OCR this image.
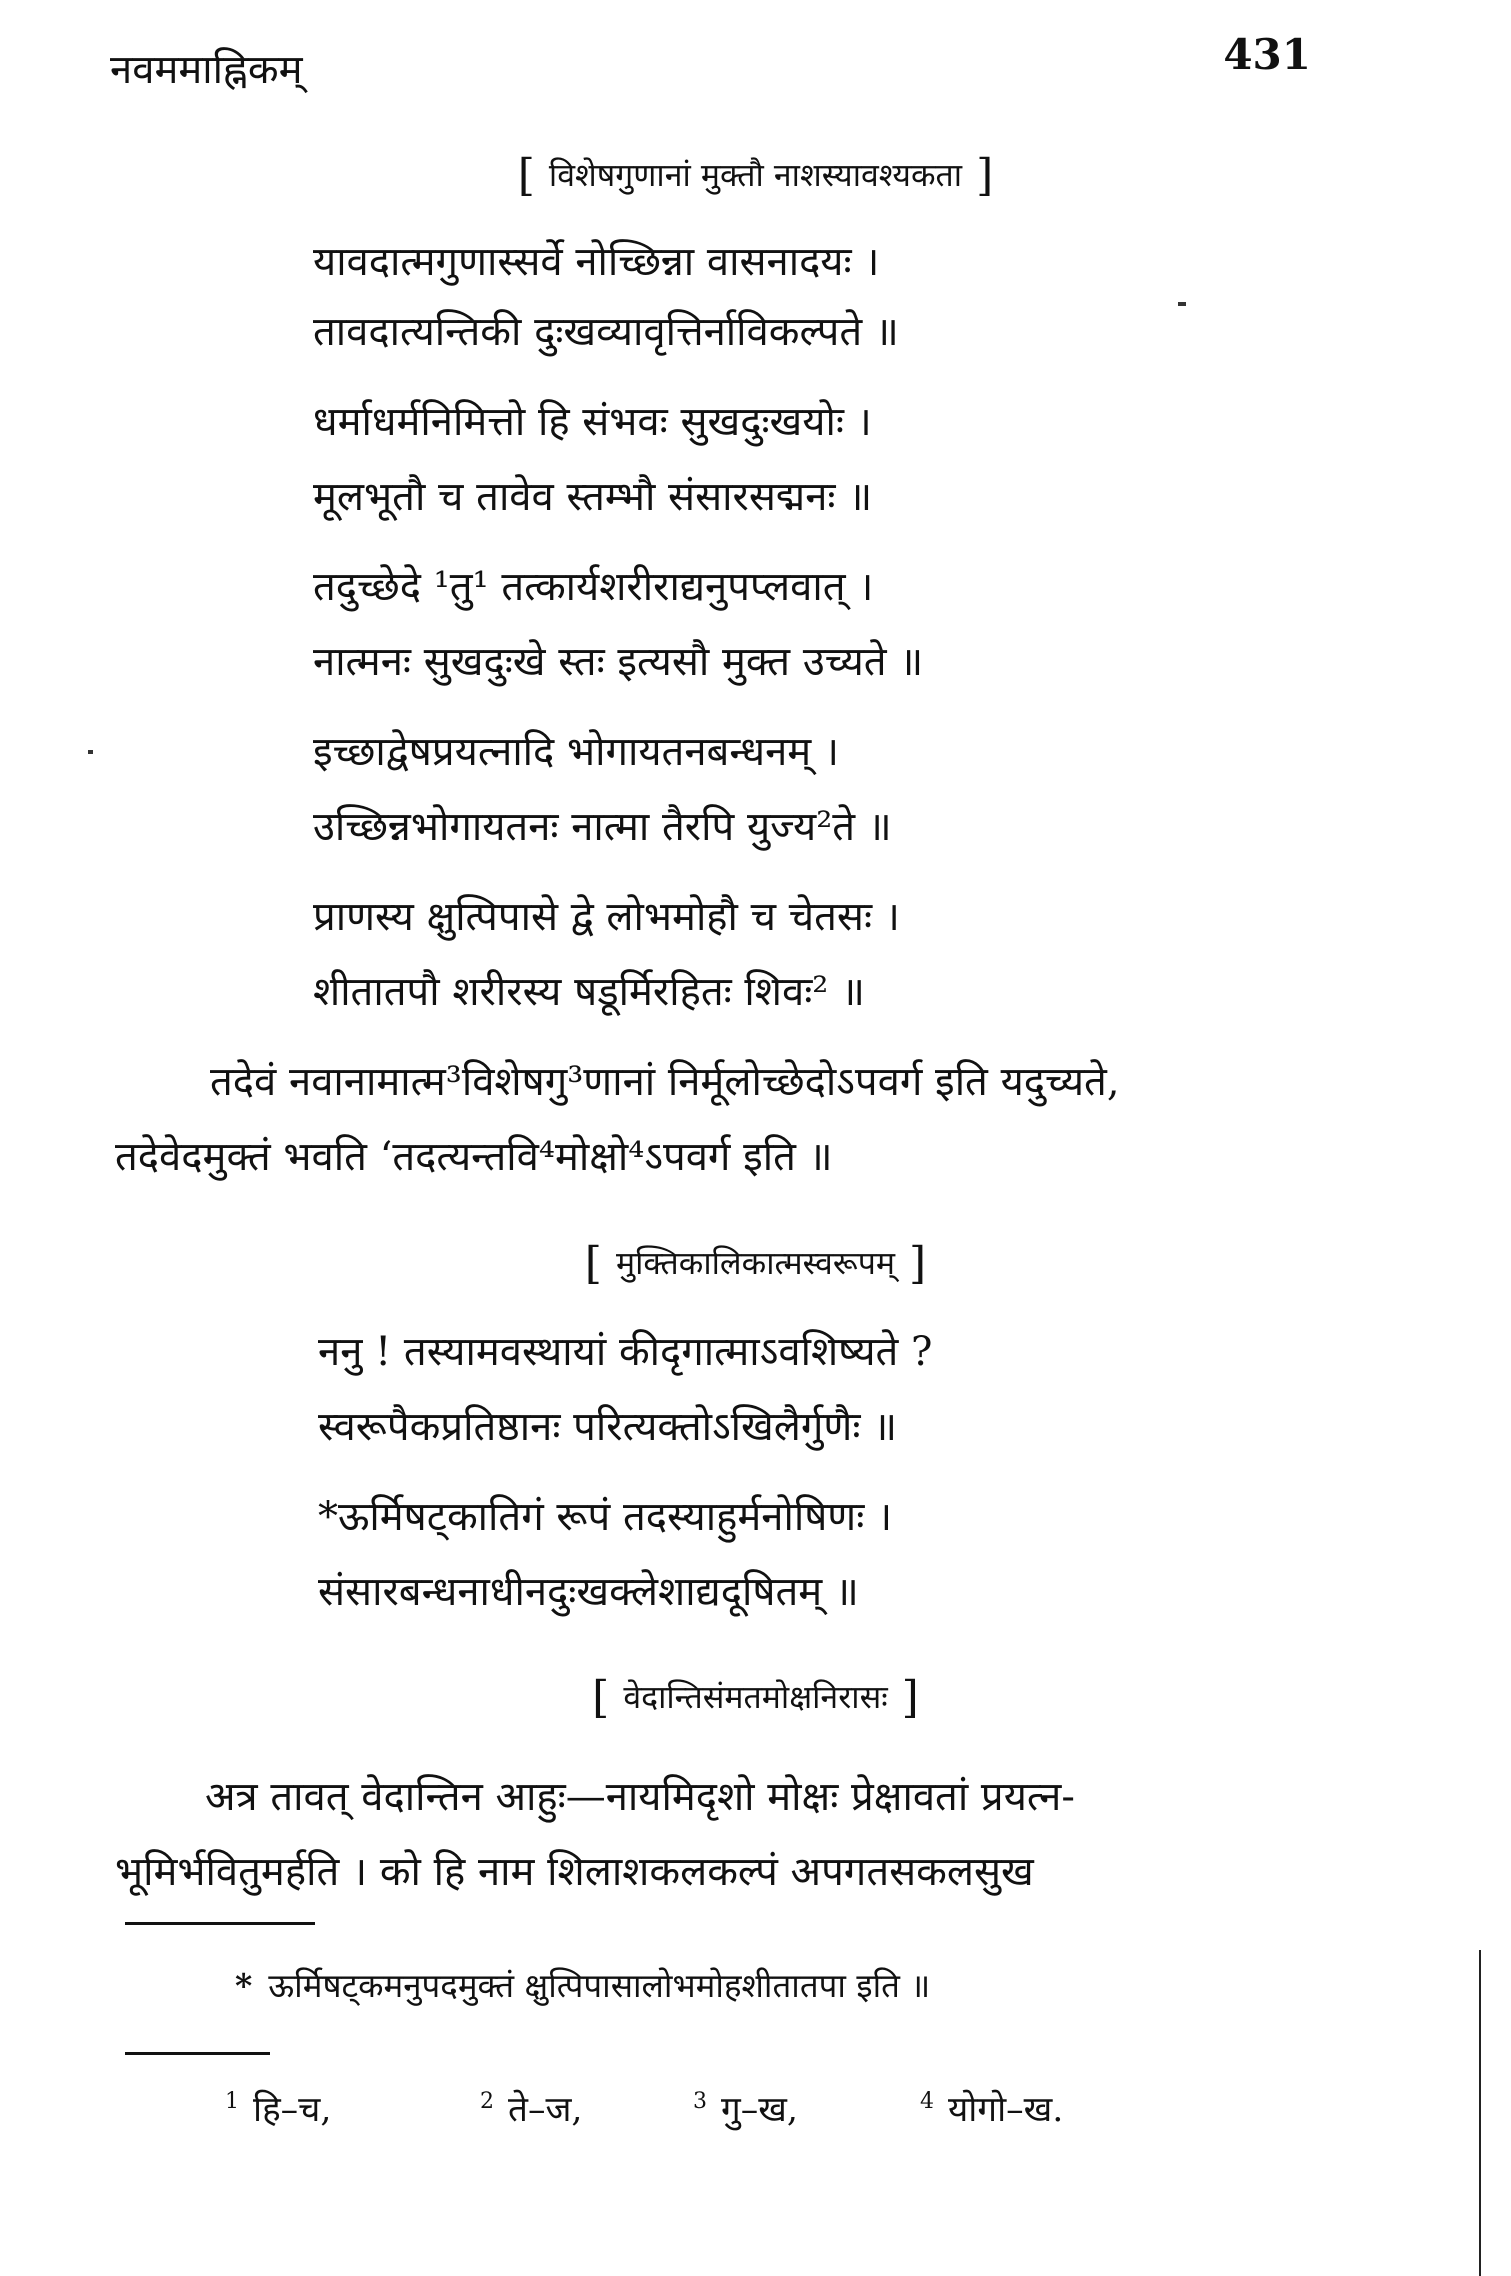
नवममाह्निकम्	431
[ विशेषगुणानां मुक्तौ नाशस्यावश्यकता ]
यावदात्मगुणास्सर्वे नोच्छिन्ना वासनादयः ।
तावदात्यन्तिकी दुःखव्यावृत्तिर्नाविकल्पते ॥
धर्माधर्मनिमित्तो हि संभवः सुखदुःखयोः ।
मूलभूतौ च तावेव स्तम्भौ संसारसद्मनः ॥
तदुच्छेदे ¹तु¹ तत्कार्यशरीराद्यनुपप्लवात् ।
नात्मनः सुखदुःखे स्तः इत्यसौ मुक्त उच्यते ॥
इच्छाद्वेषप्रयत्नादि भोगायतनबन्धनम् ।
उच्छिन्नभोगायतनः नात्मा तैरपि युज्य²ते ॥
प्राणस्य क्षुत्पिपासे द्वे लोभमोहौ च चेतसः ।
शीतातपौ शरीरस्य षडूर्मिरहितः शिवः² ॥
तदेवं नवानामात्म³विशेषगु³णानां निर्मूलोच्छेदोऽपवर्ग इति यदुच्यते,
तदेवेदमुक्तं भवति ‘तदत्यन्तवि⁴मोक्षो⁴ऽपवर्ग इति ॥
[ मुक्तिकालिकात्मस्वरूपम् ]
ननु ! तस्यामवस्थायां कीदृगात्माऽवशिष्यते ?
स्वरूपैकप्रतिष्ठानः परित्यक्तोऽखिलैर्गुणैः ॥
*ऊर्मिषट्कातिगं रूपं तदस्याहुर्मनोषिणः ।
संसारबन्धनाधीनदुःखक्लेशाद्यदूषितम् ॥
[ वेदान्तिसंमतमोक्षनिरासः ]
अत्र तावत् वेदान्तिन आहुः—नायमिदृशो मोक्षः प्रेक्षावतां प्रयत्न-
भूमिर्भवितुमर्हति । को हि नाम शिलाशकलकल्पं अपगतसकलसुख
* ऊर्मिषट्कमनुपदमुक्तं क्षुत्पिपासालोभमोहशीतातपा इति ॥
$^1$ हि–च,	$^2$ ते–ज,	$^3$ गु–ख,	$^4$ योगो–ख.
